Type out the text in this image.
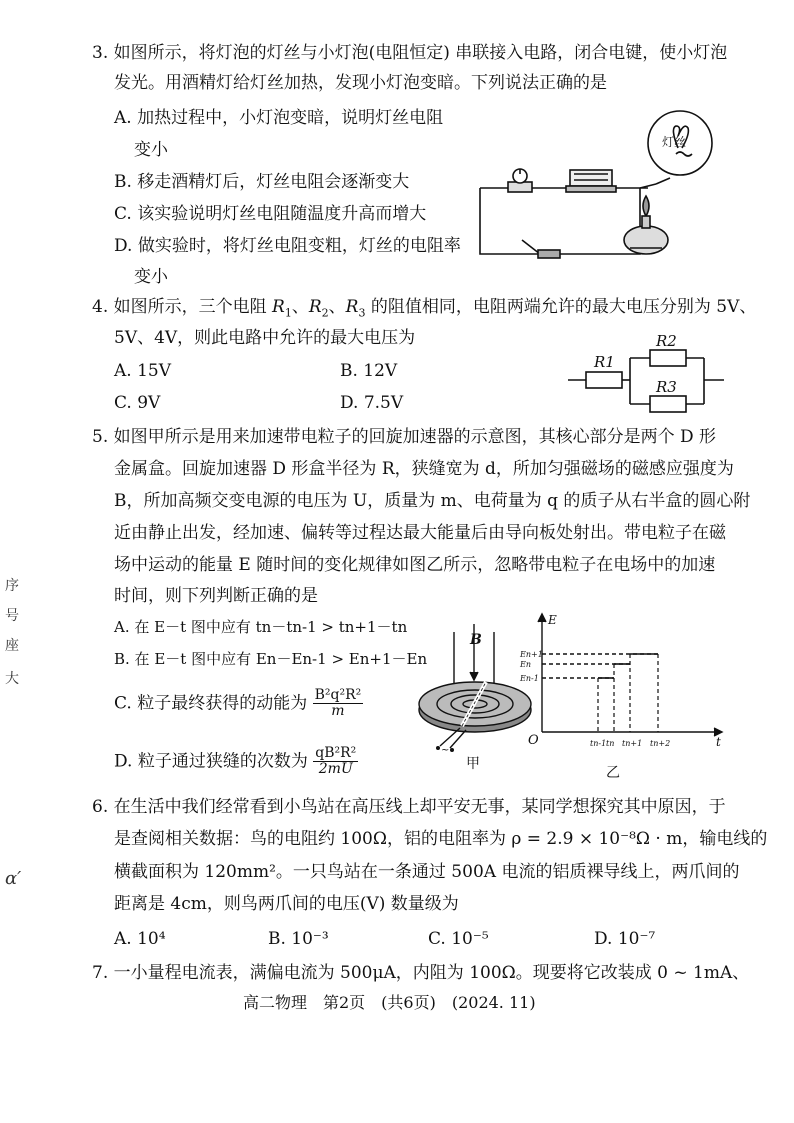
3. 如图所示，将灯泡的灯丝与小灯泡(电阻恒定) 串联接入电路，闭合电键，使小灯泡
发光。用酒精灯给灯丝加热，发现小灯泡变暗。下列说法正确的是
A. 加热过程中，小灯泡变暗，说明灯丝电阻
变小
B. 移走酒精灯后，灯丝电阻会逐渐变大
C. 该实验说明灯丝电阻随温度升高而增大
D. 做实验时，将灯丝电阻变粗，灯丝的电阻率
变小
灯丝
4. 如图所示，三个电阻 $R_1$、$R_2$、$R_3$ 的阻值相同，电阻两端允许的最大电压分别为 5V、
5V、4V，则此电路中允许的最大电压为
A. 15V	B. 12V
C. 9V	D. 7.5V
R1
R2
R3
5. 如图甲所示是用来加速带电粒子的回旋加速器的示意图，其核心部分是两个 D 形
金属盒。回旋加速器 D 形盒半径为 R，狭缝宽为 d，所加匀强磁场的磁感应强度为
B，所加高频交变电源的电压为 U，质量为 m、电荷量为 q 的质子从右半盒的圆心附
近由静止出发，经加速、偏转等过程达最大能量后由导向板处射出。带电粒子在磁
场中运动的能量 E 随时间的变化规律如图乙所示，忽略带电粒子在电场中的加速
时间，则下列判断正确的是
A. 在 E－t 图中应有 tn－tn-1 > tn+1－tn
B. 在 E－t 图中应有 En－En-1 > En+1－En
C. 粒子最终获得的动能为 $\frac{\text{B²q²R²}}{m}$
D. 粒子通过狭缝的次数为 $\frac{\text{qB²R²}}{2mU}$	~
B
甲
En+1
En
En-1
tn-1 tn tn+1 tn+2
E
t
O
乙
6. 在生活中我们经常看到小鸟站在高压线上却平安无事，某同学想探究其中原因，于
是查阅相关数据：鸟的电阻约 100Ω，铝的电阻率为 ρ = 2.9 × 10⁻⁸Ω · m，输电线的
横截面积为 120mm²。一只鸟站在一条通过 500A 电流的铝质裸导线上，两爪间的
距离是 4cm，则鸟两爪间的电压(V) 数量级为
A. 10⁴	B. 10⁻³	C. 10⁻⁵	D. 10⁻⁷
7. 一小量程电流表，满偏电流为 500μA，内阻为 100Ω。现要将它改装成 0 ~ 1mA、
高二物理　第2页　(共6页)　(2024. 11)
序
号
座
大
α′
